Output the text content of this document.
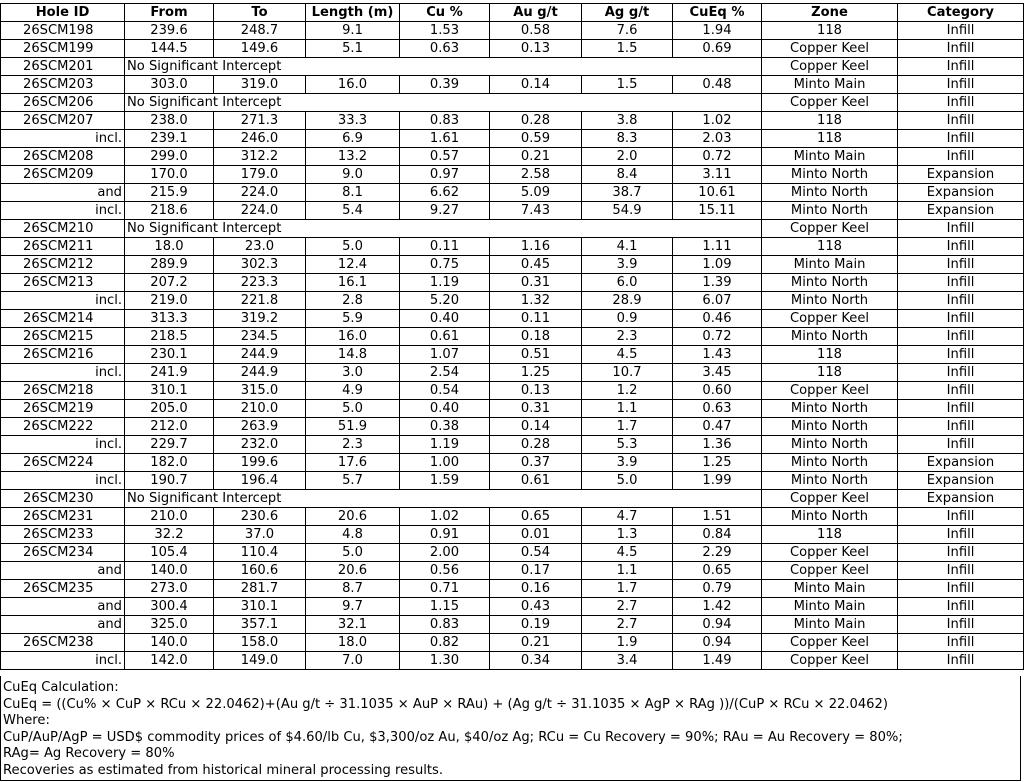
Hole ID	From	To	Length (m)	Cu %	Au g/t	Ag g/t	CuEq %	Zone	Category
26SCM198	239.6	248.7	9.1	1.53	0.58	7.6	1.94	118	Infill
26SCM199	144.5	149.6	5.1	0.63	0.13	1.5	0.69	Copper Keel	Infill
26SCM201	No Significant Intercept							Copper Keel	Infill
26SCM203	303.0	319.0	16.0	0.39	0.14	1.5	0.48	Minto Main	Infill
26SCM206	No Significant Intercept							Copper Keel	Infill
26SCM207	238.0	271.3	33.3	0.83	0.28	3.8	1.02	118	Infill
incl.	239.1	246.0	6.9	1.61	0.59	8.3	2.03	118	Infill
26SCM208	299.0	312.2	13.2	0.57	0.21	2.0	0.72	Minto Main	Infill
26SCM209	170.0	179.0	9.0	0.97	2.58	8.4	3.11	Minto North	Expansion
and	215.9	224.0	8.1	6.62	5.09	38.7	10.61	Minto North	Expansion
incl.	218.6	224.0	5.4	9.27	7.43	54.9	15.11	Minto North	Expansion
26SCM210	No Significant Intercept							Copper Keel	Infill
26SCM211	18.0	23.0	5.0	0.11	1.16	4.1	1.11	118	Infill
26SCM212	289.9	302.3	12.4	0.75	0.45	3.9	1.09	Minto Main	Infill
26SCM213	207.2	223.3	16.1	1.19	0.31	6.0	1.39	Minto North	Infill
incl.	219.0	221.8	2.8	5.20	1.32	28.9	6.07	Minto North	Infill
26SCM214	313.3	319.2	5.9	0.40	0.11	0.9	0.46	Copper Keel	Infill
26SCM215	218.5	234.5	16.0	0.61	0.18	2.3	0.72	Minto North	Infill
26SCM216	230.1	244.9	14.8	1.07	0.51	4.5	1.43	118	Infill
incl.	241.9	244.9	3.0	2.54	1.25	10.7	3.45	118	Infill
26SCM218	310.1	315.0	4.9	0.54	0.13	1.2	0.60	Copper Keel	Infill
26SCM219	205.0	210.0	5.0	0.40	0.31	1.1	0.63	Minto North	Infill
26SCM222	212.0	263.9	51.9	0.38	0.14	1.7	0.47	Minto North	Infill
incl.	229.7	232.0	2.3	1.19	0.28	5.3	1.36	Minto North	Infill
26SCM224	182.0	199.6	17.6	1.00	0.37	3.9	1.25	Minto North	Expansion
incl.	190.7	196.4	5.7	1.59	0.61	5.0	1.99	Minto North	Expansion
26SCM230	No Significant Intercept							Copper Keel	Expansion
26SCM231	210.0	230.6	20.6	1.02	0.65	4.7	1.51	Minto North	Infill
26SCM233	32.2	37.0	4.8	0.91	0.01	1.3	0.84	118	Infill
26SCM234	105.4	110.4	5.0	2.00	0.54	4.5	2.29	Copper Keel	Infill
and	140.0	160.6	20.6	0.56	0.17	1.1	0.65	Copper Keel	Infill
26SCM235	273.0	281.7	8.7	0.71	0.16	1.7	0.79	Minto Main	Infill
and	300.4	310.1	9.7	1.15	0.43	2.7	1.42	Minto Main	Infill
and	325.0	357.1	32.1	0.83	0.19	2.7	0.94	Minto Main	Infill
26SCM238	140.0	158.0	18.0	0.82	0.21	1.9	0.94	Copper Keel	Infill
incl.	142.0	149.0	7.0	1.30	0.34	3.4	1.49	Copper Keel	Infill
CuEq Calculation:
CuEq = ((Cu% × CuP × RCu × 22.0462)+(Au g/t ÷ 31.1035 × AuP × RAu) + (Ag g/t ÷ 31.1035 × AgP × RAg ))/(CuP × RCu × 22.0462)
Where:
CuP/AuP/AgP = USD$ commodity prices of $4.60/lb Cu, $3,300/oz Au, $40/oz Ag; RCu = Cu Recovery = 90%; RAu = Au Recovery = 80%;
RAg= Ag Recovery = 80%
Recoveries as estimated from historical mineral processing results.
